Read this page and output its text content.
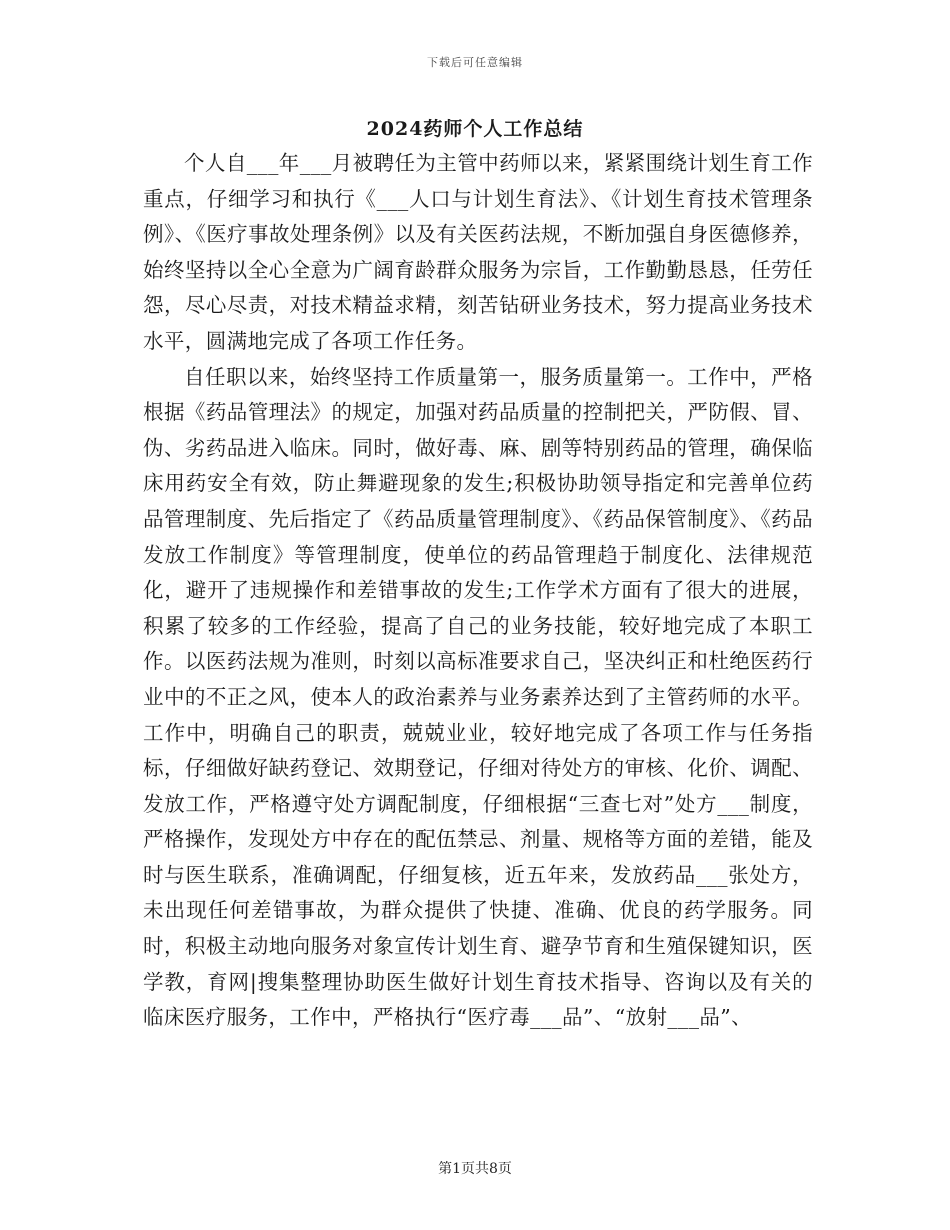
下载后可任意编辑
2024药师个人工作总结

个人自___年___月被聘任为主管中药师以来，紧紧围绕计划生育工作重点，仔细学习和执行《___人口与计划生育法》、《计划生育技术管理条例》、《医疗事故处理条例》以及有关医药法规，不断加强自身医德修养，始终坚持以全心全意为广阔育龄群众服务为宗旨，工作勤勤恳恳，任劳任怨，尽心尽责，对技术精益求精，刻苦钻研业务技术，努力提高业务技术水平，圆满地完成了各项工作任务。

自任职以来，始终坚持工作质量第一，服务质量第一。工作中，严格根据《药品管理法》的规定，加强对药品质量的控制把关，严防假、冒、伪、劣药品进入临床。同时，做好毒、麻、剧等特别药品的管理，确保临床用药安全有效，防止舞避现象的发生;积极协助领导指定和完善单位药品管理制度、先后指定了《药品质量管理制度》、《药品保管制度》、《药品发放工作制度》等管理制度，使单位的药品管理趋于制度化、法律规范化，避开了违规操作和差错事故的发生;工作学术方面有了很大的进展，积累了较多的工作经验，提高了自己的业务技能，较好地完成了本职工作。以医药法规为准则，时刻以高标准要求自己，坚决纠正和杜绝医药行业中的不正之风，使本人的政治素养与业务素养达到了主管药师的水平。工作中，明确自己的职责，兢兢业业，较好地完成了各项工作与任务指标，仔细做好缺药登记、效期登记，仔细对待处方的审核、化价、调配、发放工作，严格遵守处方调配制度，仔细根据“三查七对”处方___制度，严格操作，发现处方中存在的配伍禁忌、剂量、规格等方面的差错，能及时与医生联系，准确调配，仔细复核，近五年来，发放药品___张处方，未出现任何差错事故，为群众提供了快捷、准确、优良的药学服务。同时，积极主动地向服务对象宣传计划生育、避孕节育和生殖保键知识，医学教，育网|搜集整理协助医生做好计划生育技术指导、咨询以及有关的临床医疗服务，工作中，严格执行“医疗毒___品”、“放射___品”、

第1页共8页
